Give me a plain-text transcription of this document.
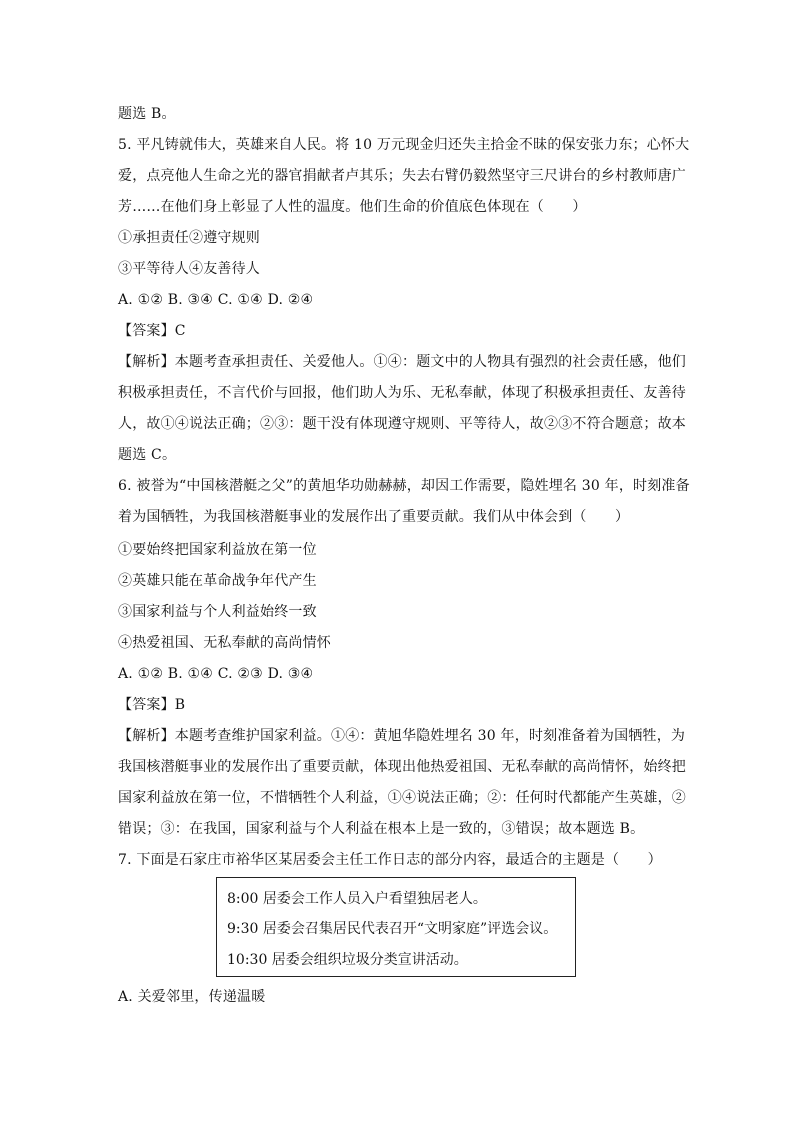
题选 B。
5. 平凡铸就伟大，英雄来自人民。将 10 万元现金归还失主拾金不昧的保安张力东；心怀大
爱，点亮他人生命之光的器官捐献者卢其乐；失去右臂仍毅然坚守三尺讲台的乡村教师唐广
芳……在他们身上彰显了人性的温度。他们生命的价值底色体现在（　　）
①承担责任②遵守规则
③平等待人④友善待人
A. ①② B. ③④ C. ①④ D. ②④
【答案】C
【解析】本题考查承担责任、关爱他人。①④：题文中的人物具有强烈的社会责任感，他们
积极承担责任，不言代价与回报，他们助人为乐、无私奉献，体现了积极承担责任、友善待
人，故①④说法正确；②③：题干没有体现遵守规则、平等待人，故②③不符合题意；故本
题选 C。
6. 被誉为“中国核潜艇之父”的黄旭华功勋赫赫，却因工作需要，隐姓埋名 30 年，时刻准备
着为国牺牲，为我国核潜艇事业的发展作出了重要贡献。我们从中体会到（　　）
①要始终把国家利益放在第一位
②英雄只能在革命战争年代产生
③国家利益与个人利益始终一致
④热爱祖国、无私奉献的高尚情怀
A. ①② B. ①④ C. ②③ D. ③④
【答案】B
【解析】本题考查维护国家利益。①④：黄旭华隐姓埋名 30 年，时刻准备着为国牺牲，为
我国核潜艇事业的发展作出了重要贡献，体现出他热爱祖国、无私奉献的高尚情怀，始终把
国家利益放在第一位，不惜牺牲个人利益，①④说法正确；②：任何时代都能产生英雄，②
错误；③：在我国，国家利益与个人利益在根本上是一致的，③错误；故本题选 B。
7. 下面是石家庄市裕华区某居委会主任工作日志的部分内容，最适合的主题是（　　）
8:00 居委会工作人员入户看望独居老人。
9:30 居委会召集居民代表召开“文明家庭”评选会议。
10:30 居委会组织垃圾分类宣讲活动。
A. 关爱邻里，传递温暖
